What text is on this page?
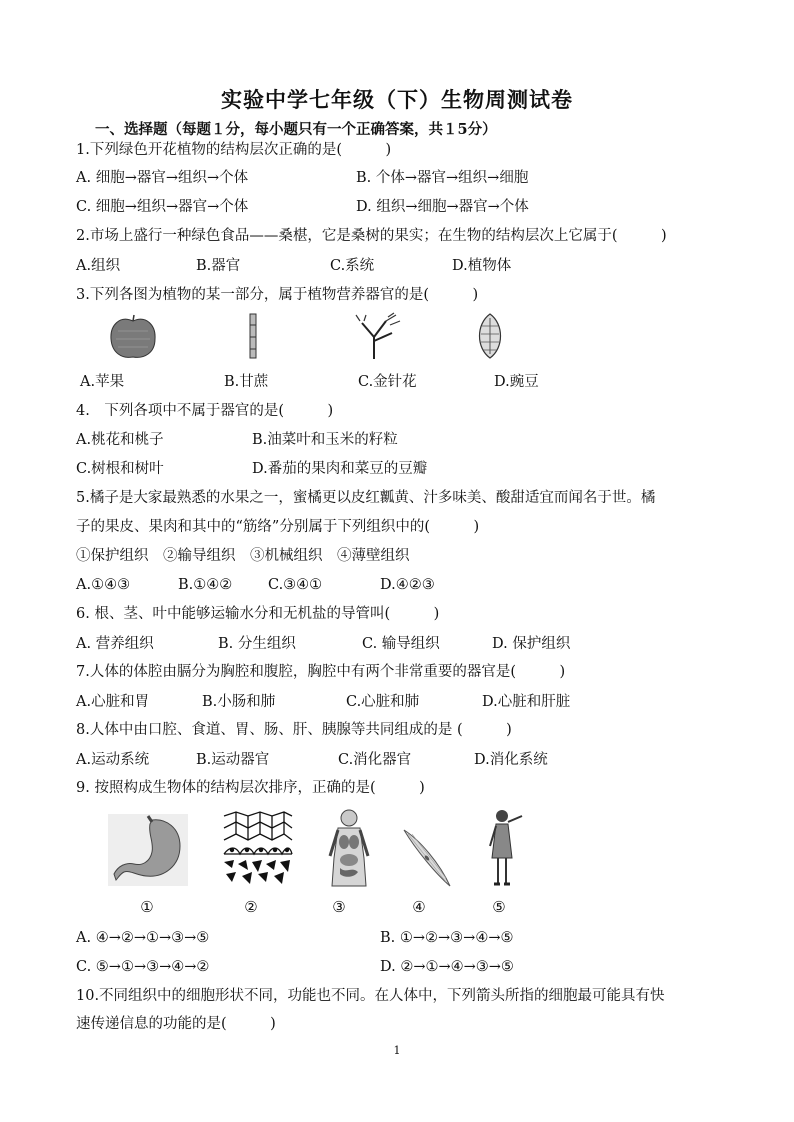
实验中学七年级（下）生物周测试卷
一、选择题（每题１分，每小题只有一个正确答案，共１5分）
1.下列绿色开花植物的结构层次正确的是(　　　)
A. 细胞→器官→组织→个体	B. 个体→器官→组织→细胞
C. 细胞→组织→器官→个体	D. 组织→细胞→器官→个体
2.市场上盛行一种绿色食品——桑椹，它是桑树的果实；在生物的结构层次上它属于(　　　)
A.组织	B.器官	C.系统	D.植物体
3.下列各图为植物的某一部分，属于植物营养器官的是(　　　)
A.苹果	B.甘蔗	C.金针花	D.豌豆
4.　下列各项中不属于器官的是(　　　)
A.桃花和桃子	B.油菜叶和玉米的籽粒
C.树根和树叶	D.番茄的果肉和菜豆的豆瓣
5.橘子是大家最熟悉的水果之一，蜜橘更以皮红瓤黄、汁多味美、酸甜适宜而闻名于世。橘
子的果皮、果肉和其中的“筋络”分别属于下列组织中的(　　　)
①保护组织　②输导组织　③机械组织　④薄壁组织
A.①④③	B.①④② C.③④①	D.④②③
6. 根、茎、叶中能够运输水分和无机盐的导管叫(　　　)
A. 营养组织	B. 分生组织	C. 输导组织	D. 保护组织
7.人体的体腔由膈分为胸腔和腹腔，胸腔中有两个非常重要的器官是(　　　)
A.心脏和胃	B.小肠和肺	C.心脏和肺	D.心脏和肝脏
8.人体中由口腔、食道、胃、肠、肝、胰腺等共同组成的是 (　　　)
A.运动系统	B.运动器官	C.消化器官	D.消化系统
9. 按照构成生物体的结构层次排序，正确的是(　　　)
①	②	③	④	⑤
A. ④→②→①→③→⑤	B. ①→②→③→④→⑤
C. ⑤→①→③→④→②	D. ②→①→④→③→⑤
10.不同组织中的细胞形状不同，功能也不同。在人体中，下列箭头所指的细胞最可能具有快
速传递信息的功能的是(　　　)
1
